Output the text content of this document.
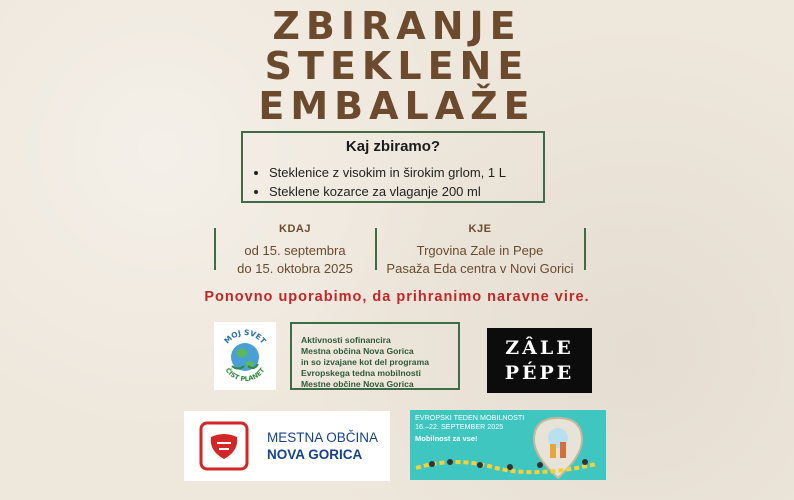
ZBIRANJE
STEKLENE
EMBALAŽE
Kaj zbiramo?
• Steklenice z visokim in širokim grlom, 1 L
• Steklene kozarce za vlaganje 200 ml
KDAJ
od 15. septembra
do 15. oktobra 2025
KJE
Trgovina Zale in Pepe
Pasaža Eda centra v Novi Gorici
Ponovno uporabimo, da prihranimo naravne vire.
MOJ SVET
ČIST PLANET
Aktivnosti sofinancira
Mestna občina Nova Gorica
in so izvajane kot del programa
Evropskega tedna mobilnosti
Mestne občine Nova Gorica
ZÂLE
PÉPE
MESTNA OBČINA
NOVA GORICA
EVROPSKI TEDEN MOBILNOSTI
16.–22. SEPTEMBER 2025
Mobilnost za vse!
